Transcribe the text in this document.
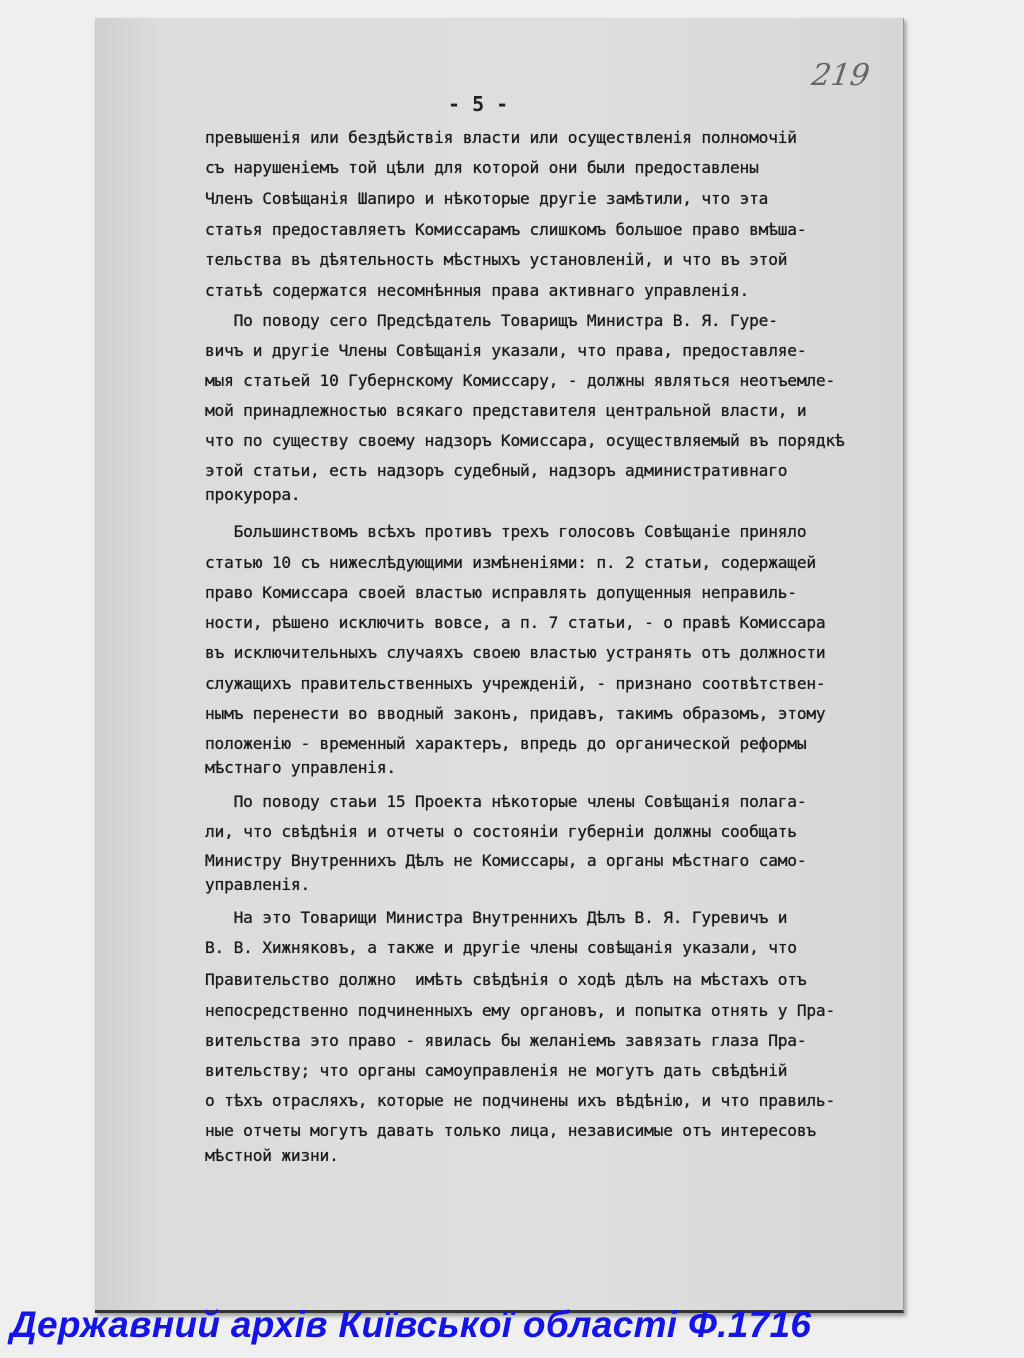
219
- 5 -
превышенія или бездѣйствія власти или осуществленія полномочій
съ нарушеніемъ той цѣли для которой они были предоставлены
Членъ Совѣщанія Шапиро и нѣкоторые другіе замѣтили, что эта
статья предоставляетъ Комиссарамъ слишкомъ большое право вмѣша-
тельства въ дѣятельность мѣстныхъ установленій, и что въ этой
статьѣ содержатся несомнѣнныя права активнаго управленія.
По поводу сего Предсѣдатель Товарищъ Министра В. Я. Гуре-
вичъ и другіе Члены Совѣщанія указали, что права, предоставляе-
мыя статьей 10 Губернскому Комиссару, - должны являться неотъемле-
мой принадлежностью всякаго представителя центральной власти, и
что по существу своему надзоръ Комиссара, осуществляемый въ порядкѣ
этой статьи, есть надзоръ судебный, надзоръ административнаго
прокурора.
Большинствомъ всѣхъ противъ трехъ голосовъ Совѣщаніе приняло
статью 10 съ нижеслѣдующими измѣненіями: п. 2 статьи, содержащей
право Комиссара своей властью исправлять допущенныя неправиль-
ности, рѣшено исключить вовсе, а п. 7 статьи, - о правѣ Комиссара
въ исключительныхъ случаяхъ своею властью устранять отъ должности
служащихъ правительственныхъ учрежденій, - признано соотвѣтствен-
нымъ перенести во вводный законъ, придавъ, такимъ образомъ, этому
положенію - временный характеръ, впредь до органической реформы
мѣстнаго управленія.
По поводу стаьи 15 Проекта нѣкоторые члены Совѣщанія полага-
ли, что свѣдѣнія и отчеты о состояніи губерніи должны сообщать
Министру Внутреннихъ Дѣлъ не Комиссары, а органы мѣстнаго само-
управленія.
На это Товарищи Министра Внутреннихъ Дѣлъ В. Я. Гуревичъ и
В. В. Хижняковъ, а также и другіе члены совѣщанія указали, что
Правительство должно  имѣть свѣдѣнія о ходѣ дѣлъ на мѣстахъ отъ
непосредственно подчиненныхъ ему органовъ, и попытка отнять у Пра-
вительства это право - явилась бы желаніемъ завязать глаза Пра-
вительству; что органы самоуправленія не могутъ дать свѣдѣній
о тѣхъ отрасляхъ, которые не подчинены ихъ вѣдѣнію, и что правиль-
ные отчеты могутъ давать только лица, независимые отъ интересовъ
мѣстной жизни.
Державний архів Київської області Ф.1716
